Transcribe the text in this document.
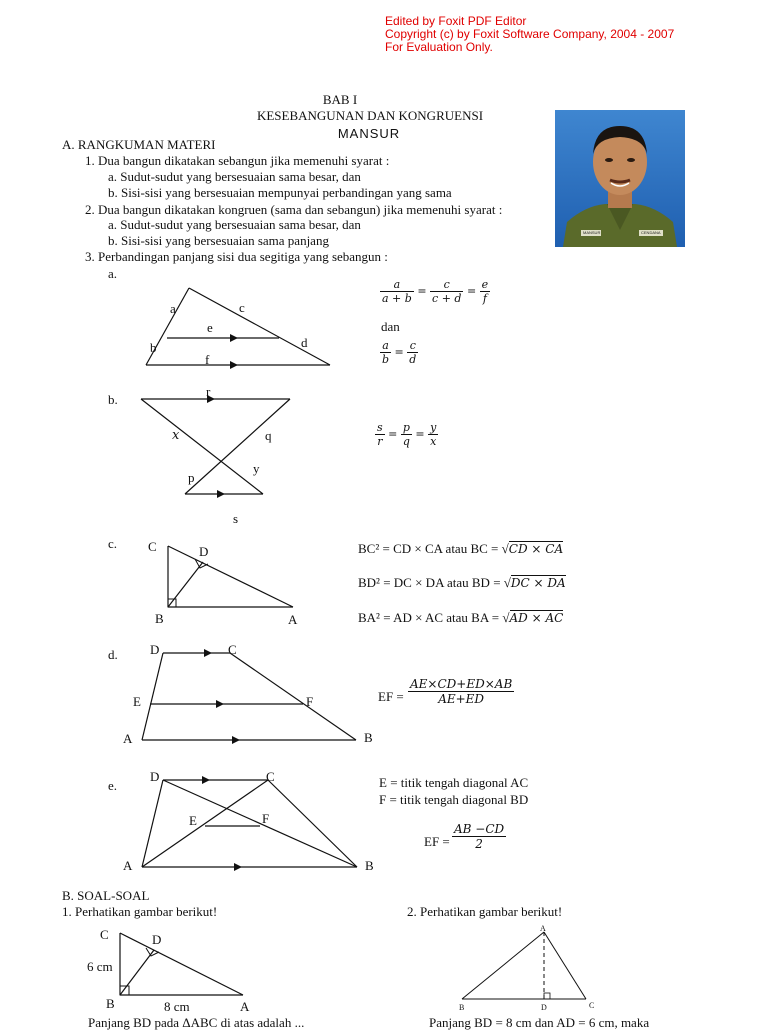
Edited by Foxit PDF Editor
Copyright (c) by Foxit Software Company, 2004 - 2007
For Evaluation Only.
BAB I
KESEBANGUNAN DAN KONGRUENSI
MANSUR
MANSUR	CENDANA
A. RANGKUMAN MATERI
1. Dua bangun dikatakan sebangun jika memenuhi syarat :
a. Sudut-sudut yang bersesuaian sama besar, dan
b. Sisi-sisi yang bersesuaian mempunyai perbandingan yang sama
2. Dua bangun dikatakan kongruen (sama dan sebangun) jika memenuhi syarat :
a. Sudut-sudut yang bersesuaian sama besar, dan
b. Sisi-sisi yang bersesuaian sama panjang
3. Perbandingan panjang sisi dua segitiga yang sebangun :
a.
a	c
e
b	d
f
$\frac{a}{a + b} = \frac{c}{c + d} = \frac{e}{f}$
dan
$\frac{a}{b} = \frac{c}{d}$
b.
r
x	q
p
y
s
$\frac{s}{r} = \frac{p}{q} = \frac{y}{x}$
c. C	D
B	A
BC² = CD × CA atau BC = √CD × CA
BD² = DC × DA atau BD = √DC × DA
BA² = AD × AC atau BA = √AD × AC
d. D	C
E	F
A	B
EF = $\frac{AE\times CD+ED\times AB}{AE+ED}$
e.
D	C
E	F
A	B
E = titik tengah diagonal AC
F = titik tengah diagonal BD
EF = $\frac{AB -CD}{2}$
B. SOAL-SOAL
1. Perhatikan gambar berikut!	2. Perhatikan gambar berikut!
C	D
6 cm
B	8 cm	A
A
B	D	C
Panjang BD pada ΔABC di atas adalah ...	Panjang BD = 8 cm dan AD = 6 cm, maka
